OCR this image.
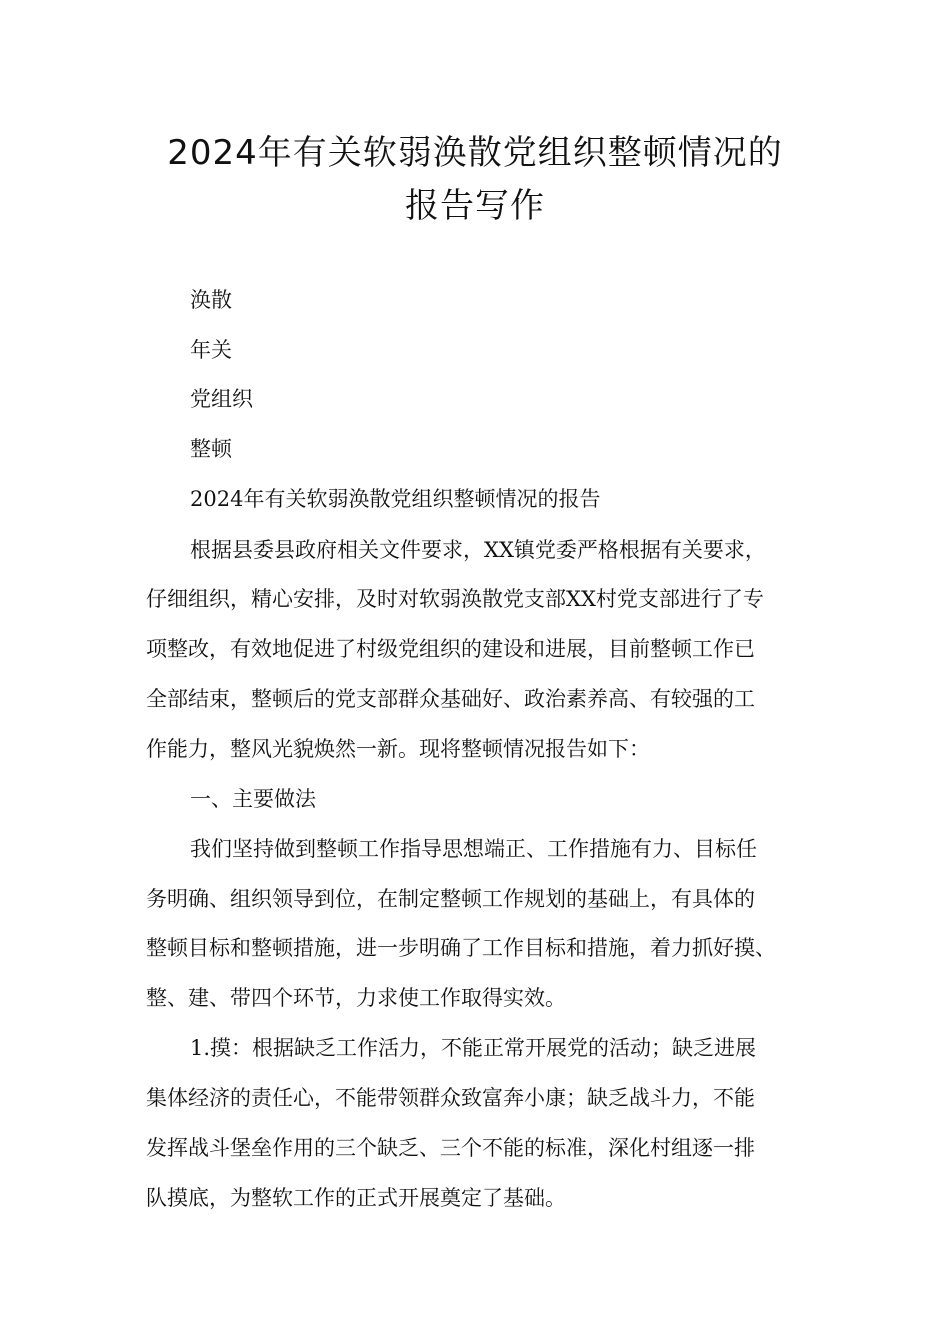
2024年有关软弱涣散党组织整顿情况的
报告写作
涣散
年关
党组织
整顿
2024年有关软弱涣散党组织整顿情况的报告
根据县委县政府相关文件要求，XX镇党委严格根据有关要求，
仔细组织，精心安排，及时对软弱涣散党支部XX村党支部进行了专
项整改，有效地促进了村级党组织的建设和进展，目前整顿工作已
全部结束，整顿后的党支部群众基础好、政治素养高、有较强的工
作能力，整风光貌焕然一新。现将整顿情况报告如下：
一、主要做法
我们坚持做到整顿工作指导思想端正、工作措施有力、目标任
务明确、组织领导到位，在制定整顿工作规划的基础上，有具体的
整顿目标和整顿措施，进一步明确了工作目标和措施，着力抓好摸、
整、建、带四个环节，力求使工作取得实效。
1.摸：根据缺乏工作活力，不能正常开展党的活动；缺乏进展
集体经济的责任心，不能带领群众致富奔小康；缺乏战斗力，不能
发挥战斗堡垒作用的三个缺乏、三个不能的标准，深化村组逐一排
队摸底，为整软工作的正式开展奠定了基础。
